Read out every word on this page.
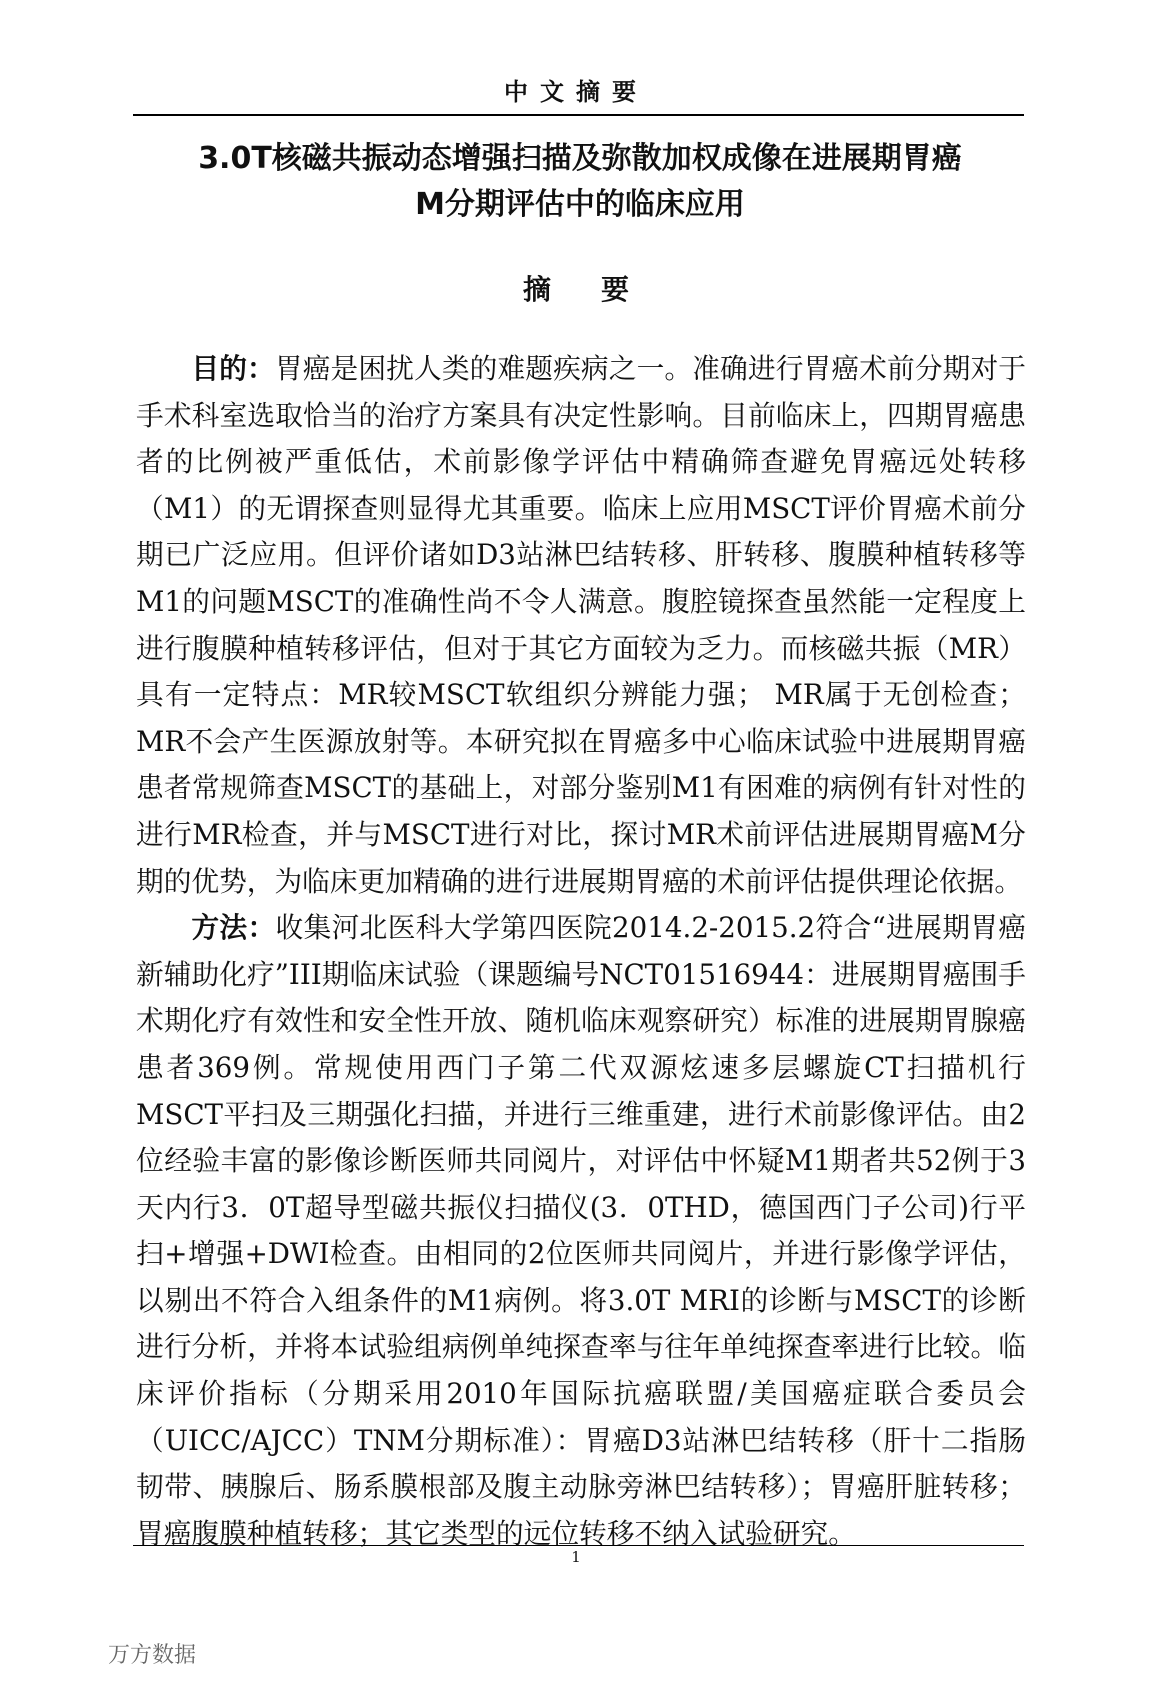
中文摘要
3.0T核磁共振动态增强扫描及弥散加权成像在进展期胃癌
M分期评估中的临床应用
摘要

目的：胃癌是困扰人类的难题疾病之一。准确进行胃癌术前分期对于手术科室选取恰当的治疗方案具有决定性影响。目前临床上，四期胃癌患者的比例被严重低估，术前影像学评估中精确筛查避免胃癌远处转移（M1）的无谓探查则显得尤其重要。临床上应用MSCT评价胃癌术前分期已广泛应用。但评价诸如D3站淋巴结转移、肝转移、腹膜种植转移等M1的问题MSCT的准确性尚不令人满意。腹腔镜探查虽然能一定程度上进行腹膜种植转移评估，但对于其它方面较为乏力。而核磁共振（MR）具有一定特点：MR较MSCT软组织分辨能力强； MR属于无创检查；MR不会产生医源放射等。本研究拟在胃癌多中心临床试验中进展期胃癌患者常规筛查MSCT的基础上，对部分鉴别M1有困难的病例有针对性的进行MR检查，并与MSCT进行对比，探讨MR术前评估进展期胃癌M分期的优势，为临床更加精确的进行进展期胃癌的术前评估提供理论依据。

方法：收集河北医科大学第四医院2014.2-2015.2符合“进展期胃癌新辅助化疗”III期临床试验（课题编号NCT01516944：进展期胃癌围手术期化疗有效性和安全性开放、随机临床观察研究）标准的进展期胃腺癌患者369例。常规使用西门子第二代双源炫速多层螺旋CT扫描机行MSCT平扫及三期强化扫描，并进行三维重建，进行术前影像评估。由2位经验丰富的影像诊断医师共同阅片，对评估中怀疑M1期者共52例于3天内行3．0T超导型磁共振仪扫描仪(3．0THD，德国西门子公司)行平扫+增强+DWI检查。由相同的2位医师共同阅片，并进行影像学评估，以剔出不符合入组条件的M1病例。将3.0T MRI的诊断与MSCT的诊断进行分析，并将本试验组病例单纯探查率与往年单纯探查率进行比较。临床评价指标（分期采用2010年国际抗癌联盟/美国癌症联合委员会（UICC/AJCC）TNM分期标准）：胃癌D3站淋巴结转移（肝十二指肠韧带、胰腺后、肠系膜根部及腹主动脉旁淋巴结转移）；胃癌肝脏转移；胃癌腹膜种植转移；其它类型的远位转移不纳入试验研究。

1
万方数据
